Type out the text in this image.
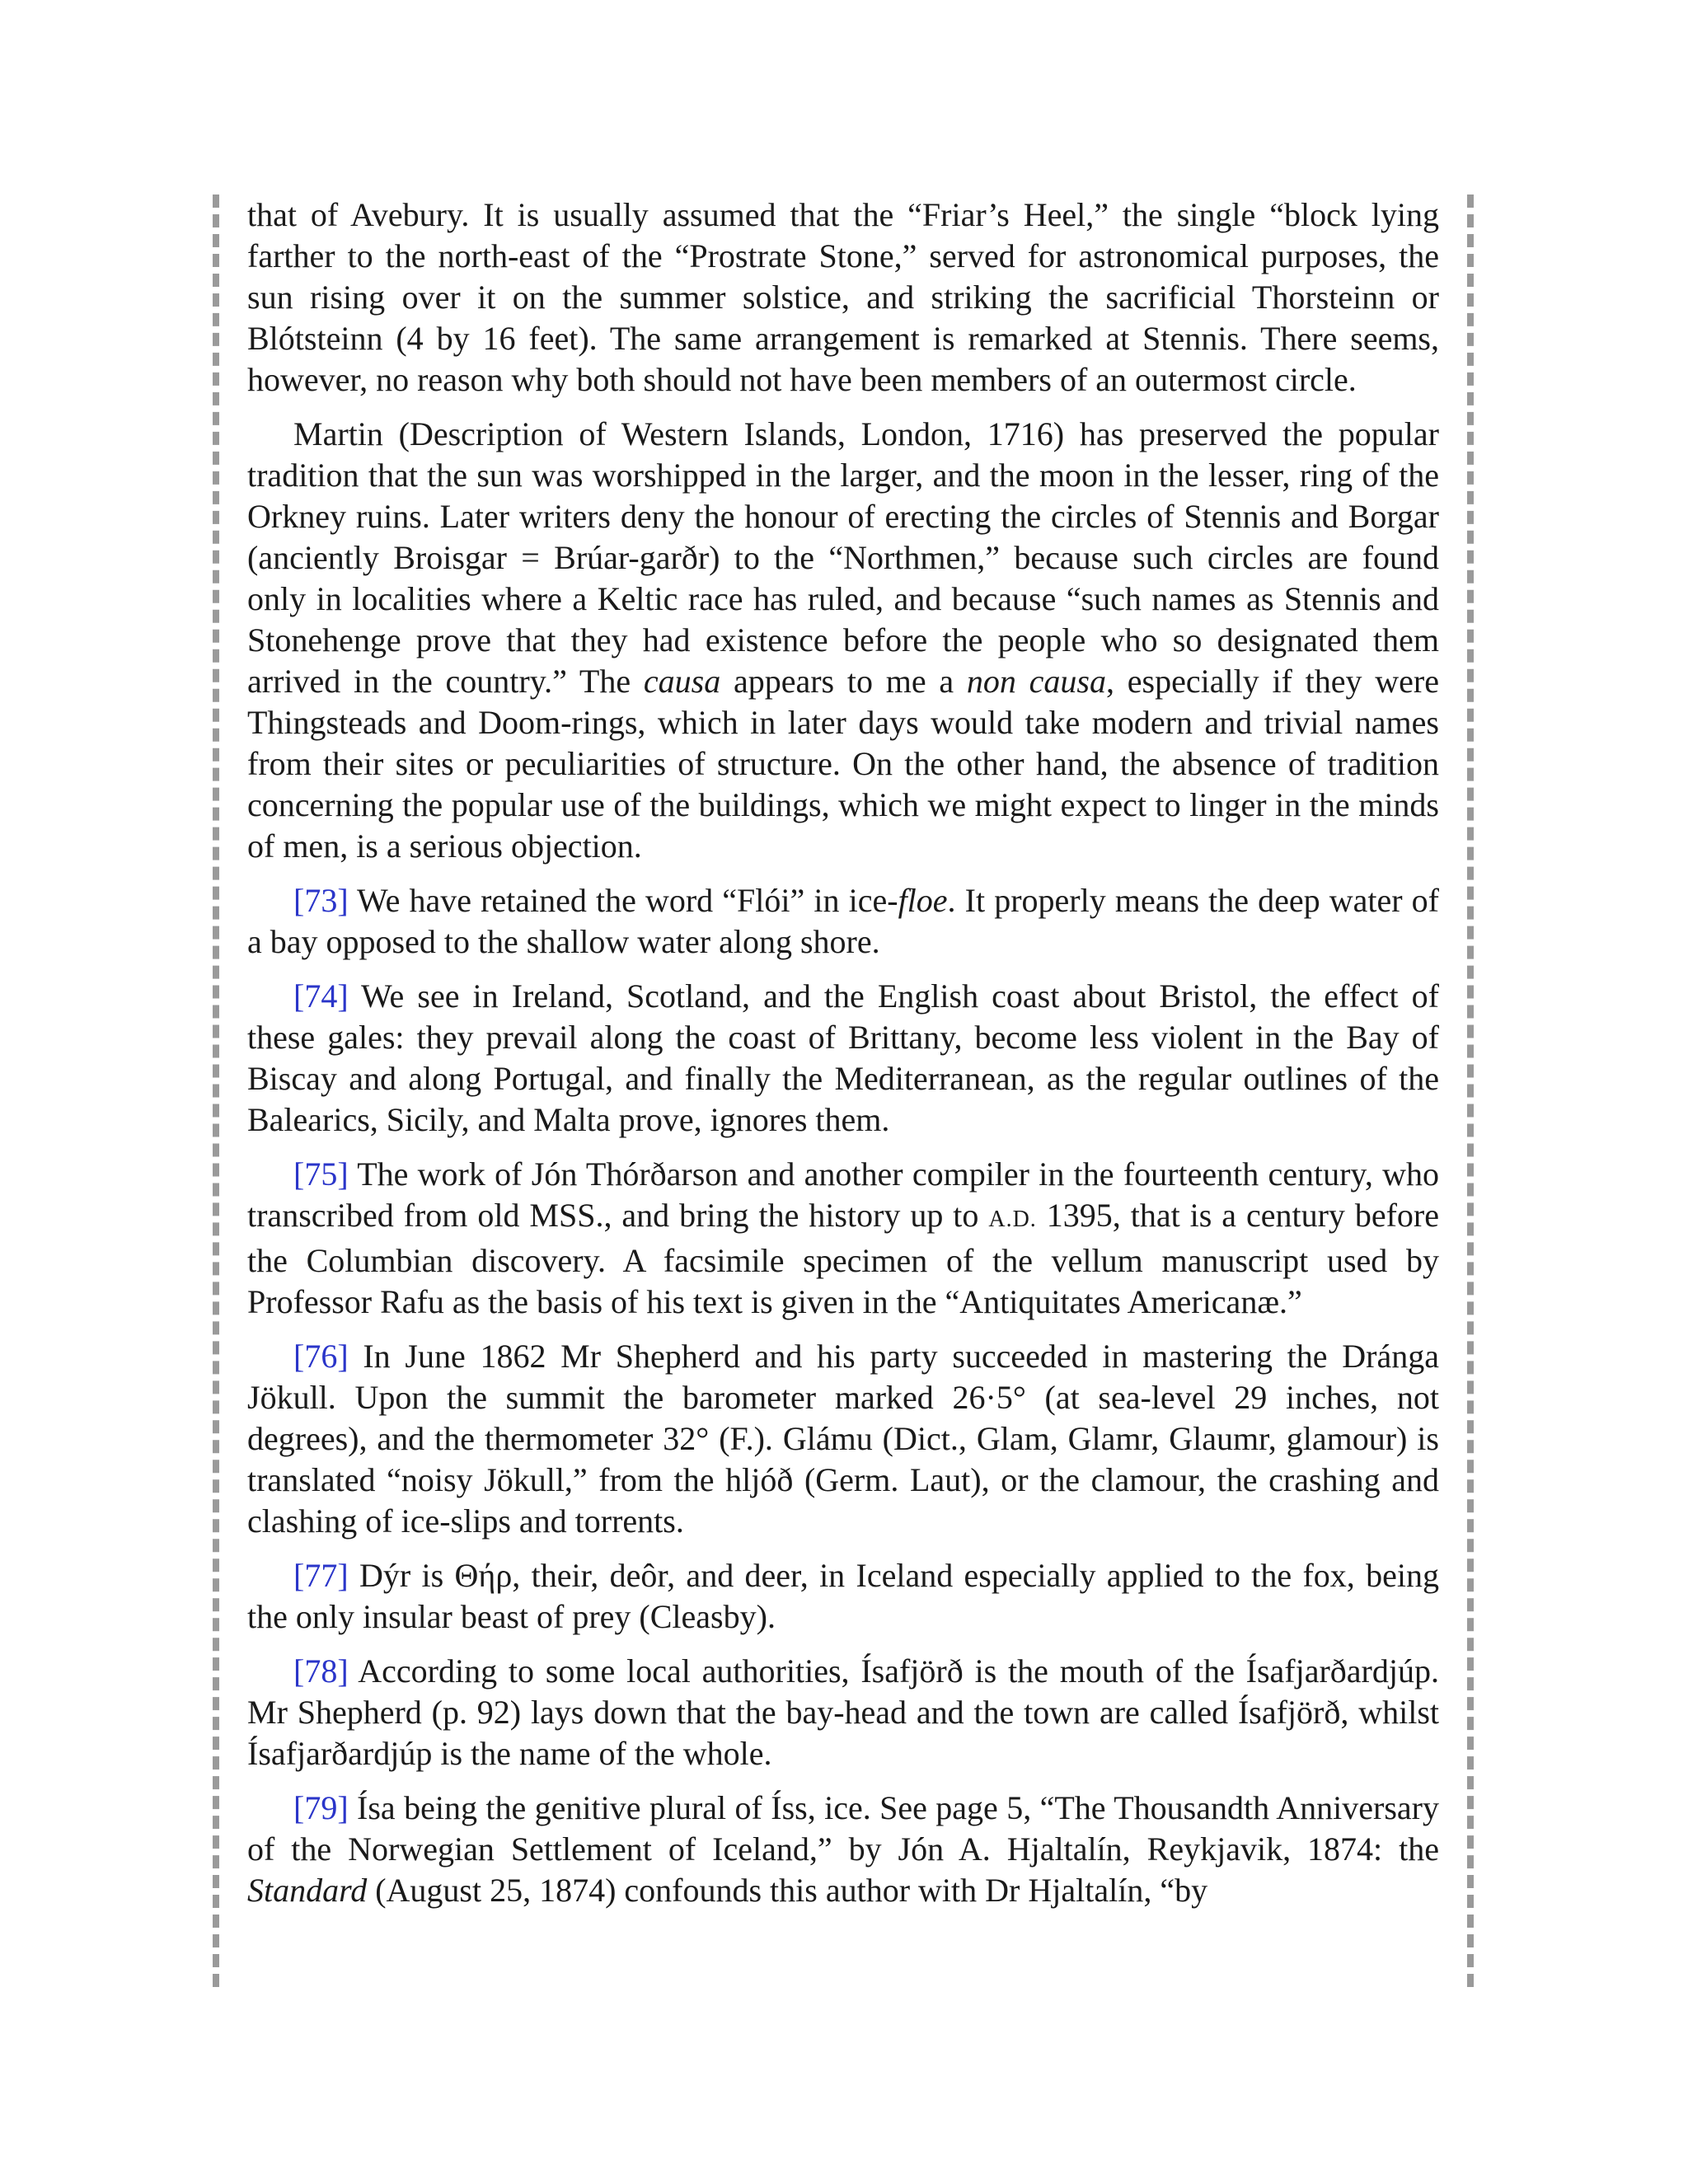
that of Avebury. It is usually assumed that the “Friar’s Heel,” the single “block lying farther to the north-east of the “Prostrate Stone,” served for astronomical purposes, the sun rising over it on the summer solstice, and striking the sacrificial Thorsteinn or Blótsteinn (4 by 16 feet). The same arrangement is remarked at Stennis. There seems, however, no reason why both should not have been members of an outermost circle.

Martin (Description of Western Islands, London, 1716) has preserved the popular tradition that the sun was worshipped in the larger, and the moon in the lesser, ring of the Orkney ruins. Later writers deny the honour of erecting the circles of Stennis and Borgar (anciently Broisgar = Brúar-garðr) to the “Northmen,” because such circles are found only in localities where a Keltic race has ruled, and because “such names as Stennis and Stonehenge prove that they had existence before the people who so designated them arrived in the country.” The causa appears to me a non causa, especially if they were Thingsteads and Doom-rings, which in later days would take modern and trivial names from their sites or peculiarities of structure. On the other hand, the absence of tradition concerning the popular use of the buildings, which we might expect to linger in the minds of men, is a serious objection.

[73] We have retained the word “Flói” in ice-floe. It properly means the deep water of a bay opposed to the shallow water along shore.

[74] We see in Ireland, Scotland, and the English coast about Bristol, the effect of these gales: they prevail along the coast of Brittany, become less violent in the Bay of Biscay and along Portugal, and finally the Mediterranean, as the regular outlines of the Balearics, Sicily, and Malta prove, ignores them.

[75] The work of Jón Thórðarson and another compiler in the fourteenth century, who transcribed from old MSS., and bring the history up to A.D. 1395, that is a century before the Columbian discovery. A facsimile specimen of the vellum manuscript used by Professor Rafu as the basis of his text is given in the “Antiquitates Americanæ.”

[76] In June 1862 Mr Shepherd and his party succeeded in mastering the Dránga Jökull. Upon the summit the barometer marked 26·5° (at sea-level 29 inches, not degrees), and the thermometer 32° (F.). Glámu (Dict., Glam, Glamr, Glaumr, glamour) is translated “noisy Jökull,” from the hljóð (Germ. Laut), or the clamour, the crashing and clashing of ice-slips and torrents.

[77] Dýr is Θήρ, their, deôr, and deer, in Iceland especially applied to the fox, being the only insular beast of prey (Cleasby).

[78] According to some local authorities, Ísafjörð is the mouth of the Ísafjarðardjúp. Mr Shepherd (p. 92) lays down that the bay-head and the town are called Ísafjörð, whilst Ísafjarðardjúp is the name of the whole.

[79] Ísa being the genitive plural of Íss, ice. See page 5, “The Thousandth Anniversary of the Norwegian Settlement of Iceland,” by Jón A. Hjaltalín, Reykjavik, 1874: the Standard (August 25, 1874) confounds this author with Dr Hjaltalín, “by
